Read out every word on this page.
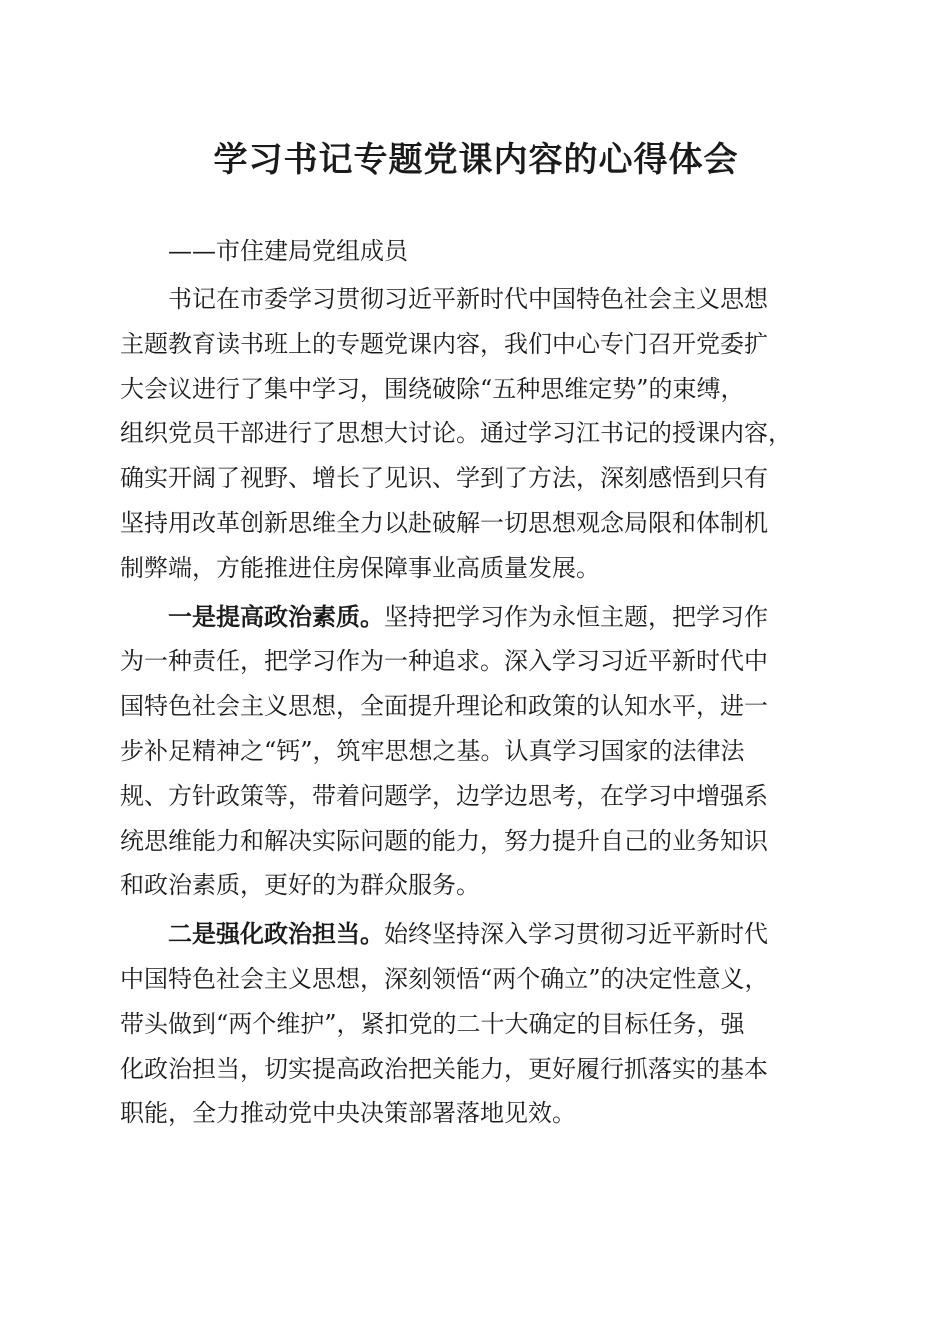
学习书记专题党课内容的心得体会

——市住建局党组成员

书记在市委学习贯彻习近平新时代中国特色社会主义思想
主题教育读书班上的专题党课内容，我们中心专门召开党委扩
大会议进行了集中学习，围绕破除“五种思维定势”的束缚，
组织党员干部进行了思想大讨论。通过学习江书记的授课内容，
确实开阔了视野、增长了见识、学到了方法，深刻感悟到只有
坚持用改革创新思维全力以赴破解一切思想观念局限和体制机
制弊端，方能推进住房保障事业高质量发展。
一是提高政治素质。坚持把学习作为永恒主题，把学习作
为一种责任，把学习作为一种追求。深入学习习近平新时代中
国特色社会主义思想，全面提升理论和政策的认知水平，进一
步补足精神之“钙”，筑牢思想之基。认真学习国家的法律法
规、方针政策等，带着问题学，边学边思考，在学习中增强系
统思维能力和解决实际问题的能力，努力提升自己的业务知识
和政治素质，更好的为群众服务。
二是强化政治担当。始终坚持深入学习贯彻习近平新时代
中国特色社会主义思想，深刻领悟“两个确立”的决定性意义，
带头做到“两个维护”，紧扣党的二十大确定的目标任务，强
化政治担当，切实提高政治把关能力，更好履行抓落实的基本
职能，全力推动党中央决策部署落地见效。
